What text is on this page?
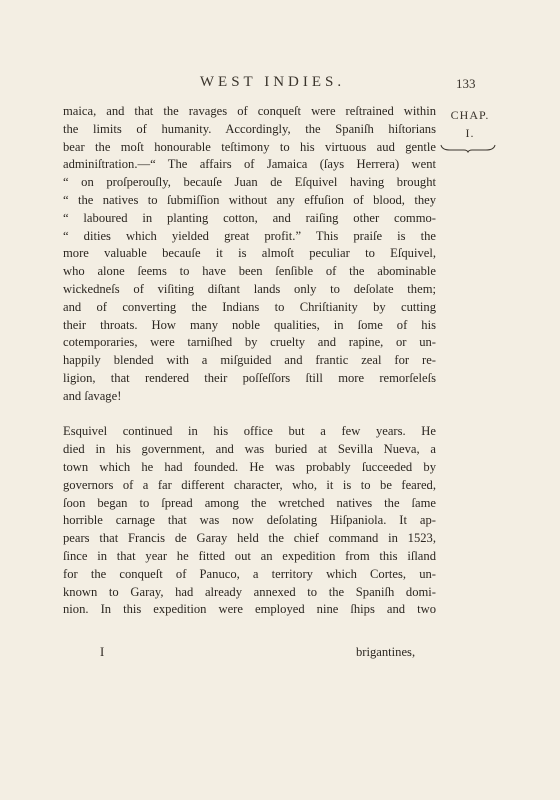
WEST INDIES.	133
CHAP.
I.
maica, and that the ravages of conqueſt were reſtrained within
the limits of humanity. Accordingly, the Spaniſh hiſtorians
bear the moſt honourable teſtimony to his virtuous aud gentle
adminiſtration.—“ The affairs of Jamaica (ſays Herrera) went
“ on proſperouſly, becauſe Juan de Eſquivel having brought
“ the natives to ſubmiſſion without any effuſion of blood, they
“ laboured in planting cotton, and raiſing other commo-
“ dities which yielded great profit.” This praiſe is the
more valuable becauſe it is almoſt peculiar to Eſquivel,
who alone ſeems to have been ſenſible of the abominable
wickedneſs of viſiting diſtant lands only to deſolate them;
and of converting the Indians to Chriſtianity by cutting
their throats. How many noble qualities, in ſome of his
cotemporaries, were tarniſhed by cruelty and rapine, or un-
happily blended with a miſguided and frantic zeal for re-
ligion, that rendered their poſſeſſors ſtill more remorſeleſs
and ſavage!
Esquivel continued in his office but a few years. He
died in his government, and was buried at Sevilla Nueva, a
town which he had founded. He was probably ſucceeded by
governors of a far different character, who, it is to be feared,
ſoon began to ſpread among the wretched natives the ſame
horrible carnage that was now deſolating Hiſpaniola. It ap-
pears that Francis de Garay held the chief command in 1523,
ſince in that year he fitted out an expedition from this iſland
for the conqueſt of Panuco, a territory which Cortes, un-
known to Garay, had already annexed to the Spaniſh domi-
nion. In this expedition were employed nine ſhips and two
I	brigantines,
